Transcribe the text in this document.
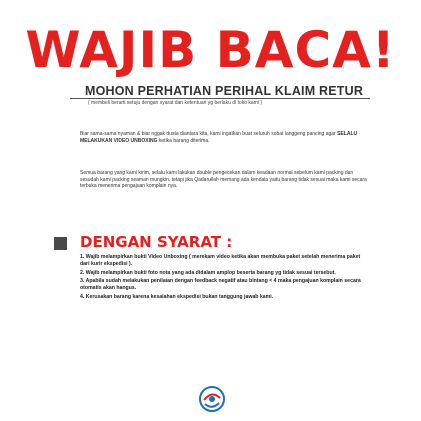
WAJIB BACA!
MOHON PERHATIAN PERIHAL KLAIM RETUR
( membeli berarti setuju dengan syarat dan ketentuan yg berlaku di toko kami )
Biar sama-sama nyaman & biar nggak dusta diantara kita, kami ingatkan buat seluruh sobat langgeng pancing agar SELALU MELAKUKAN VIDEO UNBOXING ketika barang diterima.
Semua barang yang kami kirim, selalu kami lakukan double pengecekan dalam keadaan normal sebelum kami packing dan sesudah kami packing seaman mungkin. tetapi jika Qadarullah memang ada kendala yaitu barang tidak sesuai maka kami secara terbuka menerima pengajuan komplain nya.
DENGAN SYARAT :
1. Wajib melampirkan bukti Video Unboxing ( merekam video ketika akan membuka paket setelah menerima paket dari kurir ekspedisi ).
2. Wajib melampirkan bukti foto nota yang ada didalam amplop beserta barang yg tidak sesuai tersebut.
3. Apabila sudah melakukan penilaian dengan feedback negatif atau bintang < 4 maka pengajuan komplain secara otomatis akan hangus.
4. Kerusakan barang karena kesalahan ekspedisi bukan tanggung jawab kami.
